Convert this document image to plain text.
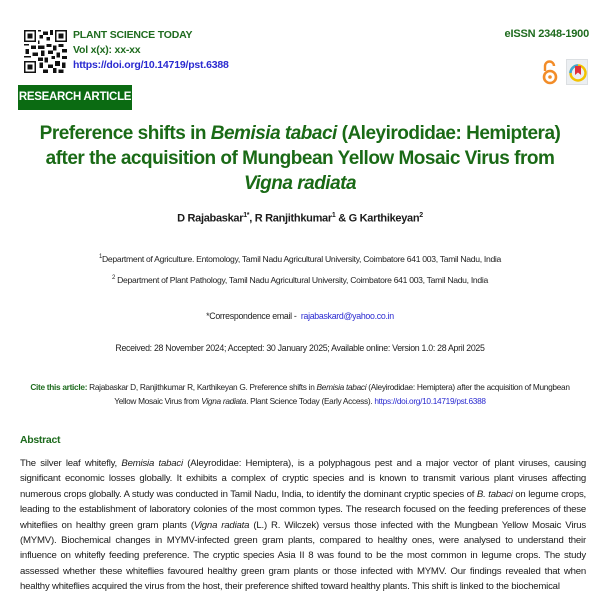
PLANT SCIENCE TODAY
Vol x(x): xx-xx
https://doi.org/10.14719/pst.6388
eISSN 2348-1900
RESEARCH ARTICLE
Preference shifts in Bemisia tabaci (Aleyirodidae: Hemiptera) after the acquisition of Mungbean Yellow Mosaic Virus from Vigna radiata
D Rajabaskar$^{1*}$, R Ranjithkumar$^1$ & G Karthikeyan$^2$
$^1$Department of Agriculture. Entomology, Tamil Nadu Agricultural University, Coimbatore 641 003, Tamil Nadu, India
$^2$ Department of Plant Pathology, Tamil Nadu Agricultural University, Coimbatore 641 003, Tamil Nadu, India
*Correspondence email -  rajabaskard@yahoo.co.in
Received: 28 November 2024; Accepted: 30 January 2025; Available online: Version 1.0: 28 April 2025
Cite this article: Rajabaskar D, Ranjithkumar R, Karthikeyan G. Preference shifts in Bemisia tabaci (Aleyirodidae: Hemiptera) after the acquisition of Mungbean Yellow Mosaic Virus from Vigna radiata. Plant Science Today (Early Access). https://doi.org/10.14719/pst.6388
Abstract

The silver leaf whitefly, Bemisia tabaci (Aleyrodidae: Hemiptera), is a polyphagous pest and a major vector of plant viruses, causing significant economic losses globally. It exhibits a complex of cryptic species and is known to transmit various plant viruses affecting numerous crops globally. A study was conducted in Tamil Nadu, India, to identify the dominant cryptic species of B. tabaci on legume crops, leading to the establishment of laboratory colonies of the most common types. The research focused on the feeding preferences of these whiteflies on healthy green gram plants (Vigna radiata (L.) R. Wilczek) versus those infected with the Mungbean Yellow Mosaic Virus (MYMV). Biochemical changes in MYMV-infected green gram plants, compared to healthy ones, were analysed to understand their influence on whitefly feeding preference. The cryptic species Asia II 8 was found to be the most common in legume crops. The study assessed whether these whiteflies favoured healthy green gram plants or those infected with MYMV. Our findings revealed that when healthy whiteflies acquired the virus from the host, their preference shifted toward healthy plants. This shift is linked to the biochemical
